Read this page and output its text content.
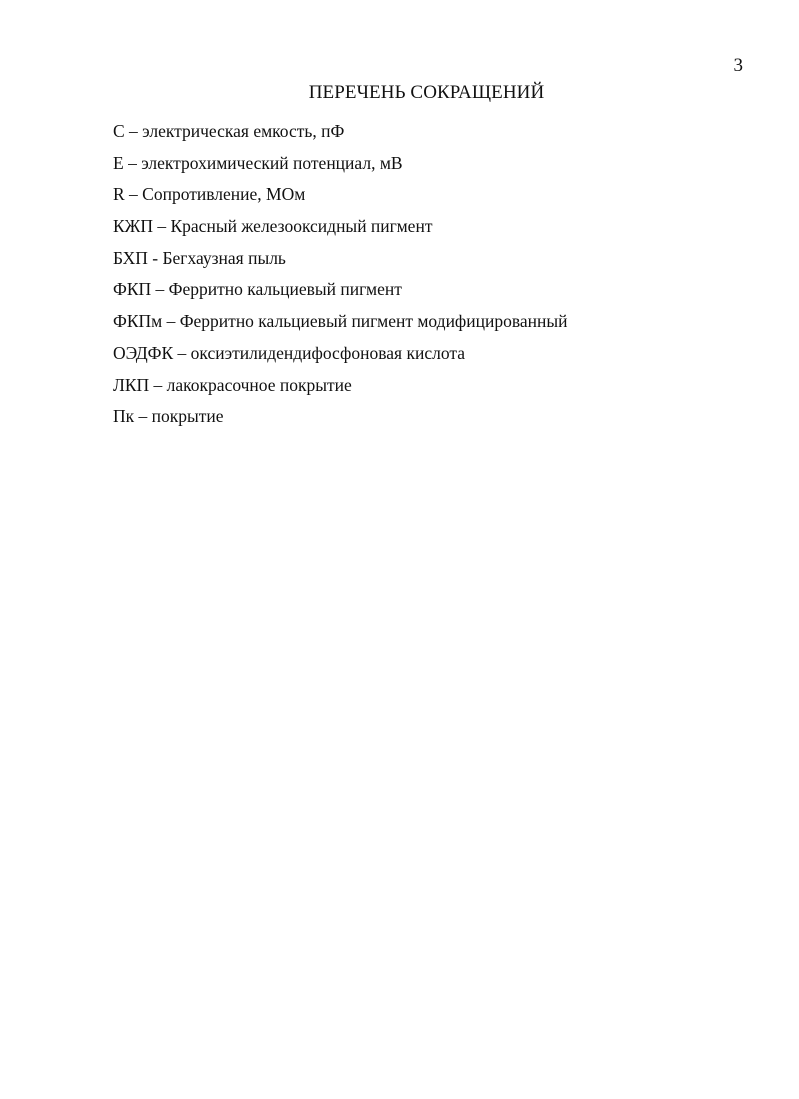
3
ПЕРЕЧЕНЬ СОКРАЩЕНИЙ
С – электрическая емкость, пФ
Е – электрохимический потенциал, мВ
R – Сопротивление, МОм
КЖП – Красный железооксидный пигмент
БХП - Бегхаузная пыль
ФКП – Ферритно кальциевый пигмент
ФКПм – Ферритно кальциевый пигмент модифицированный
ОЭДФК – оксиэтилидендифосфоновая кислота
ЛКП – лакокрасочное покрытие
Пк – покрытие
